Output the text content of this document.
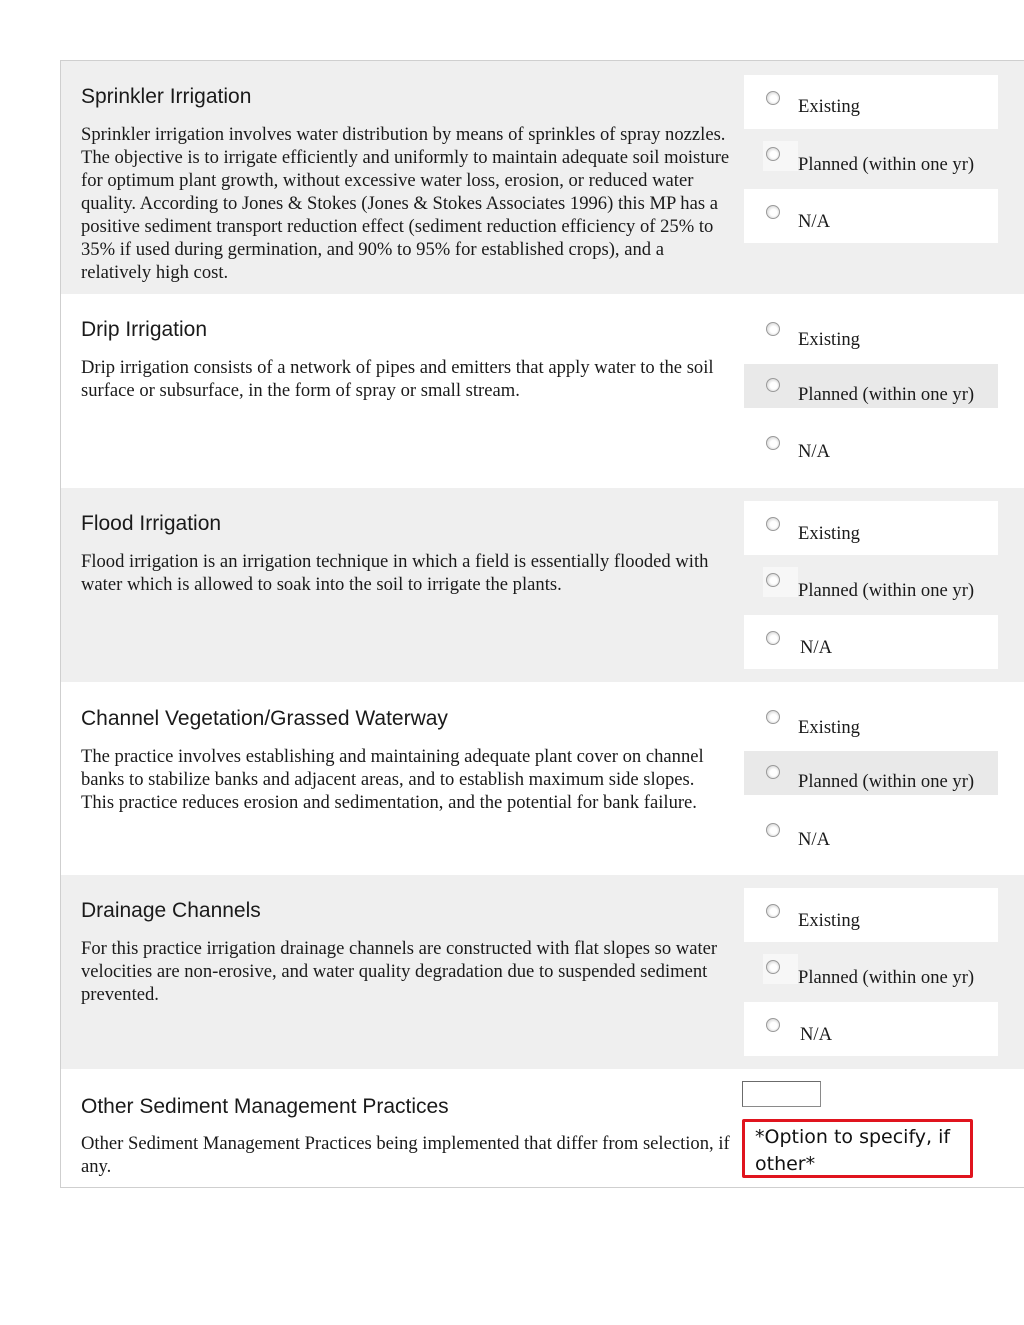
Sprinkler Irrigation
Sprinkler irrigation involves water distribution by means of sprinkles of spray nozzles. The objective is to irrigate efficiently and uniformly to maintain adequate soil moisture for optimum plant growth, without excessive water loss, erosion, or reduced water quality. According to Jones & Stokes (Jones & Stokes Associates 1996) this MP has a positive sediment transport reduction effect (sediment reduction efficiency of 25% to 35% if used during germination, and 90% to 95% for established crops), and a relatively high cost.
Existing
Planned (within one yr)
N/A
Drip Irrigation
Drip irrigation consists of a network of pipes and emitters that apply water to the soil surface or subsurface, in the form of spray or small stream.
Existing
Planned (within one yr)
N/A
Flood Irrigation
Flood irrigation is an irrigation technique in which a field is essentially flooded with water which is allowed to soak into the soil to irrigate the plants.
Existing
Planned (within one yr)
N/A
Channel Vegetation/Grassed Waterway
The practice involves establishing and maintaining adequate plant cover on channel banks to stabilize banks and adjacent areas, and to establish maximum side slopes. This practice reduces erosion and sedimentation, and the potential for bank failure.
Existing
Planned (within one yr)
N/A
Drainage Channels
For this practice irrigation drainage channels are constructed with flat slopes so water velocities are non-erosive, and water quality degradation due to suspended sediment prevented.
Existing
Planned (within one yr)
N/A
Other Sediment Management Practices
Other Sediment Management Practices being implemented that differ from selection, if any.
*Option to specify, if other*
